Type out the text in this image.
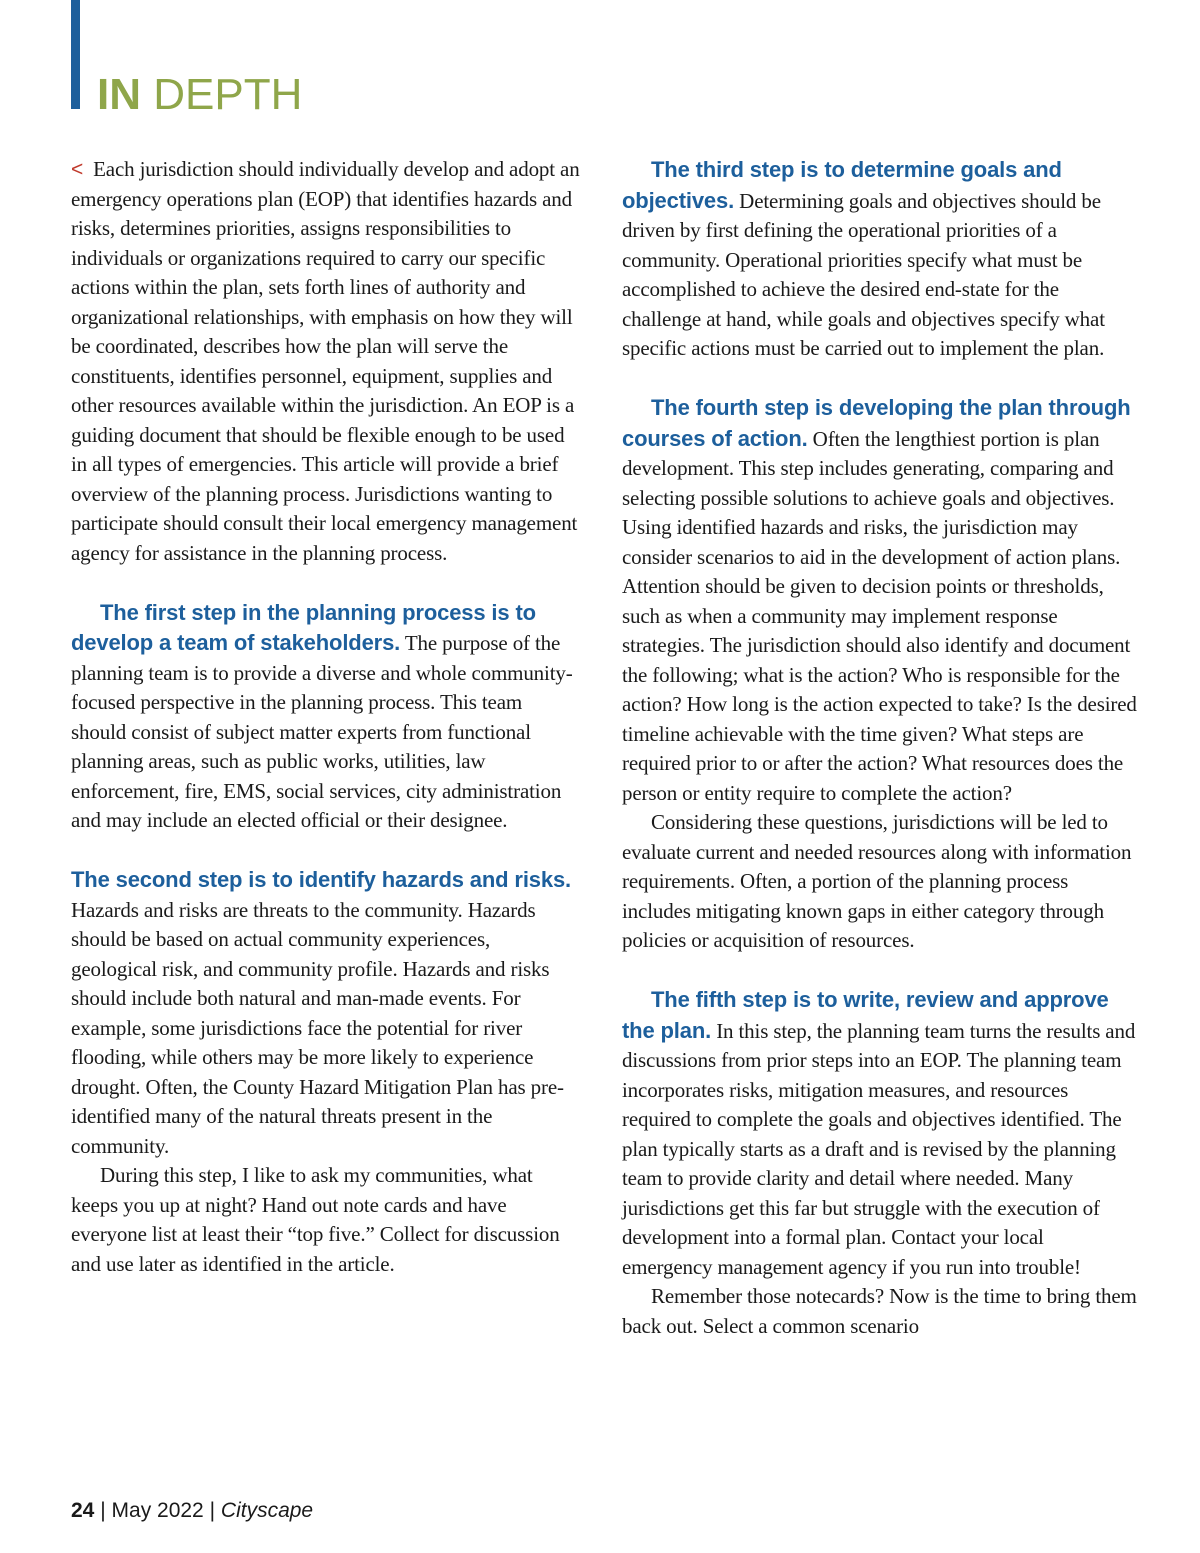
IN DEPTH

< Each jurisdiction should individually develop and adopt an emergency operations plan (EOP) that identifies hazards and risks, determines priorities, assigns responsibilities to individuals or organizations required to carry our specific actions within the plan, sets forth lines of authority and organizational relationships, with emphasis on how they will be coordinated, describes how the plan will serve the constituents, identifies personnel, equipment, supplies and other resources available within the jurisdiction. An EOP is a guiding document that should be flexible enough to be used in all types of emergencies. This article will provide a brief overview of the planning process. Jurisdictions wanting to participate should consult their local emergency management agency for assistance in the planning process.

The first step in the planning process is to develop a team of stakeholders. The purpose of the planning team is to provide a diverse and whole community-focused perspective in the planning process. This team should consist of subject matter experts from functional planning areas, such as public works, utilities, law enforcement, fire, EMS, social services, city administration and may include an elected official or their designee.

The second step is to identify hazards and risks. Hazards and risks are threats to the community. Hazards should be based on actual community experiences, geological risk, and community profile. Hazards and risks should include both natural and man-made events. For example, some jurisdictions face the potential for river flooding, while others may be more likely to experience drought. Often, the County Hazard Mitigation Plan has pre-identified many of the natural threats present in the community.

During this step, I like to ask my communities, what keeps you up at night? Hand out note cards and have everyone list at least their “top five.” Collect for discussion and use later as identified in the article.

The third step is to determine goals and objectives. Determining goals and objectives should be driven by first defining the operational priorities of a community. Operational priorities specify what must be accomplished to achieve the desired end-state for the challenge at hand, while goals and objectives specify what specific actions must be carried out to implement the plan.

The fourth step is developing the plan through courses of action. Often the lengthiest portion is plan development. This step includes generating, comparing and selecting possible solutions to achieve goals and objectives. Using identified hazards and risks, the jurisdiction may consider scenarios to aid in the development of action plans. Attention should be given to decision points or thresholds, such as when a community may implement response strategies. The jurisdiction should also identify and document the following; what is the action? Who is responsible for the action? How long is the action expected to take? Is the desired timeline achievable with the time given? What steps are required prior to or after the action? What resources does the person or entity require to complete the action?

Considering these questions, jurisdictions will be led to evaluate current and needed resources along with information requirements. Often, a portion of the planning process includes mitigating known gaps in either category through policies or acquisition of resources.

The fifth step is to write, review and approve the plan. In this step, the planning team turns the results and discussions from prior steps into an EOP. The planning team incorporates risks, mitigation measures, and resources required to complete the goals and objectives identified. The plan typically starts as a draft and is revised by the planning team to provide clarity and detail where needed. Many jurisdictions get this far but struggle with the execution of development into a formal plan. Contact your local emergency management agency if you run into trouble!

Remember those notecards? Now is the time to bring them back out. Select a common scenario

24 | May 2022 | Cityscape
